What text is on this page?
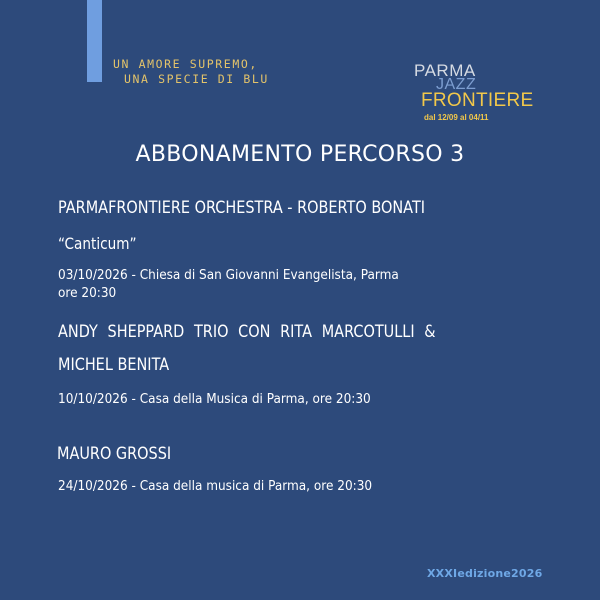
UN AMORE SUPREMO,
UNA SPECIE DI BLU	PARMA
JAZZ
FRONTIERE
dal 12/09 al 04/11
ABBONAMENTO PERCORSO 3
PARMAFRONTIERE ORCHESTRA - ROBERTO BONATI
“Canticum”
03/10/2026 - Chiesa di San Giovanni Evangelista, Parma
ore 20:30
ANDY SHEPPARD TRIO CON RITA MARCOTULLI &
MICHEL BENITA
10/10/2026 - Casa della Musica di Parma, ore 20:30
MAURO GROSSI
24/10/2026 - Casa della musica di Parma, ore 20:30
XXXIedizione2026
